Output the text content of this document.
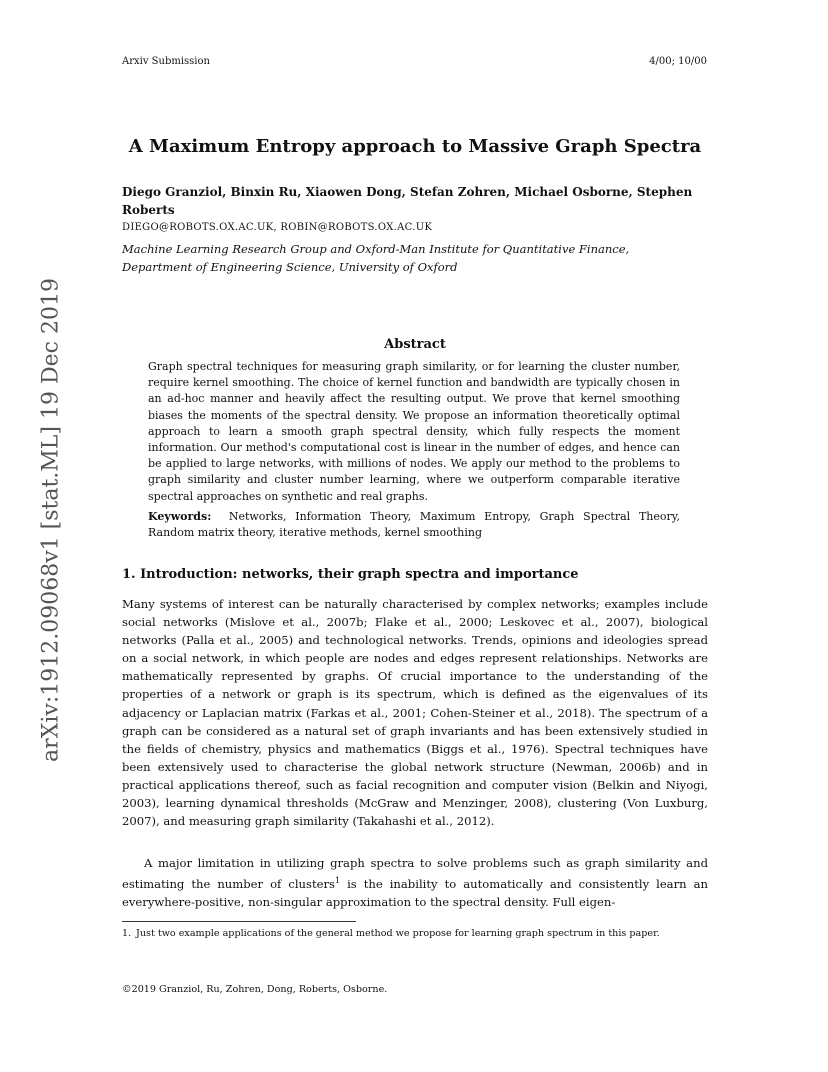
Arxiv Submission	4/00; 10/00
arXiv:1912.09068v1 [stat.ML] 19 Dec 2019
A Maximum Entropy approach to Massive Graph Spectra
Diego Granziol, Binxin Ru, Xiaowen Dong, Stefan Zohren, Michael Osborne, Stephen Roberts
DIEGO@ROBOTS.OX.AC.UK, ROBIN@ROBOTS.OX.AC.UK
Machine Learning Research Group and Oxford-Man Institute for Quantitative Finance,
Department of Engineering Science, University of Oxford
Abstract
Graph spectral techniques for measuring graph similarity, or for learning the cluster number, require kernel smoothing. The choice of kernel function and bandwidth are typically chosen in an ad-hoc manner and heavily affect the resulting output. We prove that kernel smoothing biases the moments of the spectral density. We propose an information theoretically optimal approach to learn a smooth graph spectral density, which fully respects the moment information. Our method's computational cost is linear in the number of edges, and hence can be applied to large networks, with millions of nodes. We apply our method to the problems to graph similarity and cluster number learning, where we outperform comparable iterative spectral approaches on synthetic and real graphs.
Keywords: Networks, Information Theory, Maximum Entropy, Graph Spectral Theory, Random matrix theory, iterative methods, kernel smoothing
1. Introduction: networks, their graph spectra and importance
Many systems of interest can be naturally characterised by complex networks; examples include social networks (Mislove et al., 2007b; Flake et al., 2000; Leskovec et al., 2007), biological networks (Palla et al., 2005) and technological networks. Trends, opinions and ideologies spread on a social network, in which people are nodes and edges represent relationships. Networks are mathematically represented by graphs. Of crucial importance to the understanding of the properties of a network or graph is its spectrum, which is defined as the eigenvalues of its adjacency or Laplacian matrix (Farkas et al., 2001; Cohen-Steiner et al., 2018). The spectrum of a graph can be considered as a natural set of graph invariants and has been extensively studied in the fields of chemistry, physics and mathematics (Biggs et al., 1976). Spectral techniques have been extensively used to characterise the global network structure (Newman, 2006b) and in practical applications thereof, such as facial recognition and computer vision (Belkin and Niyogi, 2003), learning dynamical thresholds (McGraw and Menzinger, 2008), clustering (Von Luxburg, 2007), and measuring graph similarity (Takahashi et al., 2012).
A major limitation in utilizing graph spectra to solve problems such as graph similarity and estimating the number of clusters$^1$ is the inability to automatically and consistently learn an everywhere-positive, non-singular approximation to the spectral density. Full eigen-
1. Just two example applications of the general method we propose for learning graph spectrum in this paper.
©2019 Granziol, Ru, Zohren, Dong, Roberts, Osborne.
